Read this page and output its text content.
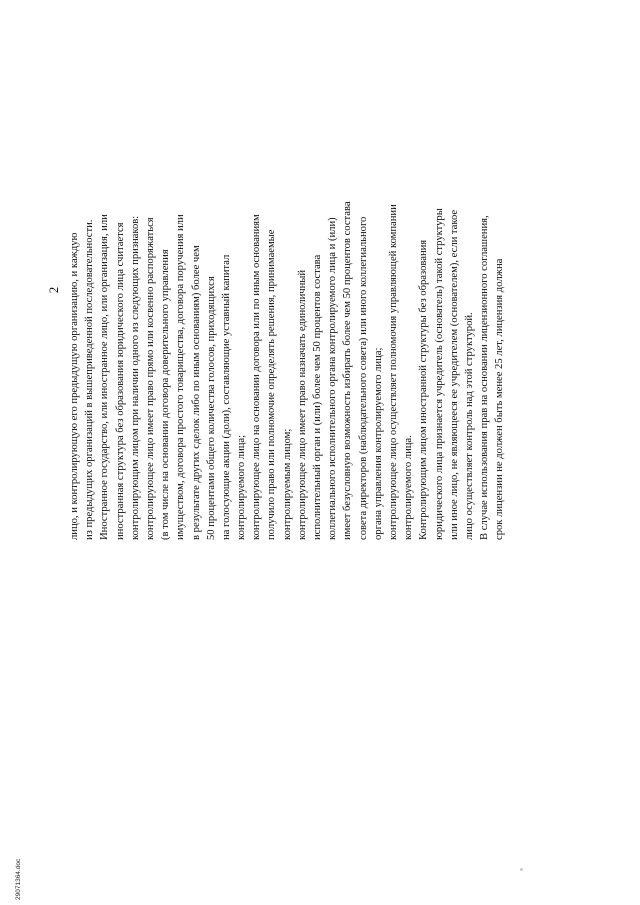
2 лицо, и контролирующую его предыдущую организацию, и каждую из предыдущих организаций в вышеприведенной последовательности. Иностранное государство, или иностранное лицо, или организация, или иностранная структура без образования юридического лица считается контролирующим лицом при наличии одного из следующих признаков: контролирующее лицо имеет право прямо или косвенно распоряжаться (в том числе на основании договора доверительного управления имуществом, договора простого товарищества, договора поручения или в результате других сделок либо по иным основаниям) более чем 50 процентами общего количества голосов, приходящихся на голосующие акции (доли), составляющие уставный капитал контролируемого лица; контролирующее лицо на основании договора или по иным основаниям получило право или полномочие определять решения, принимаемые контролируемым лицом; контролирующее лицо имеет право назначать единоличный исполнительный орган и (или) более чем 50 процентов состава коллегиального исполнительного органа контролируемого лица и (или) имеет безусловную возможность избирать более чем 50 процентов состава совета директоров (наблюдательного совета) или иного коллегиального органа управления контролируемого лица; контролирующее лицо осуществляет полномочия управляющей компании контролируемого лица. Контролирующим лицом иностранной структуры без образования юридического лица признается учредитель (основатель) такой структуры или иное лицо, не являющееся ее учредителем (основателем), если такое лицо осуществляет контроль над этой структурой. В случае использования прав на основании лицензионного соглашения, срок лицензии не должен быть менее 25 лет, лицензия должна
29071364.doc
